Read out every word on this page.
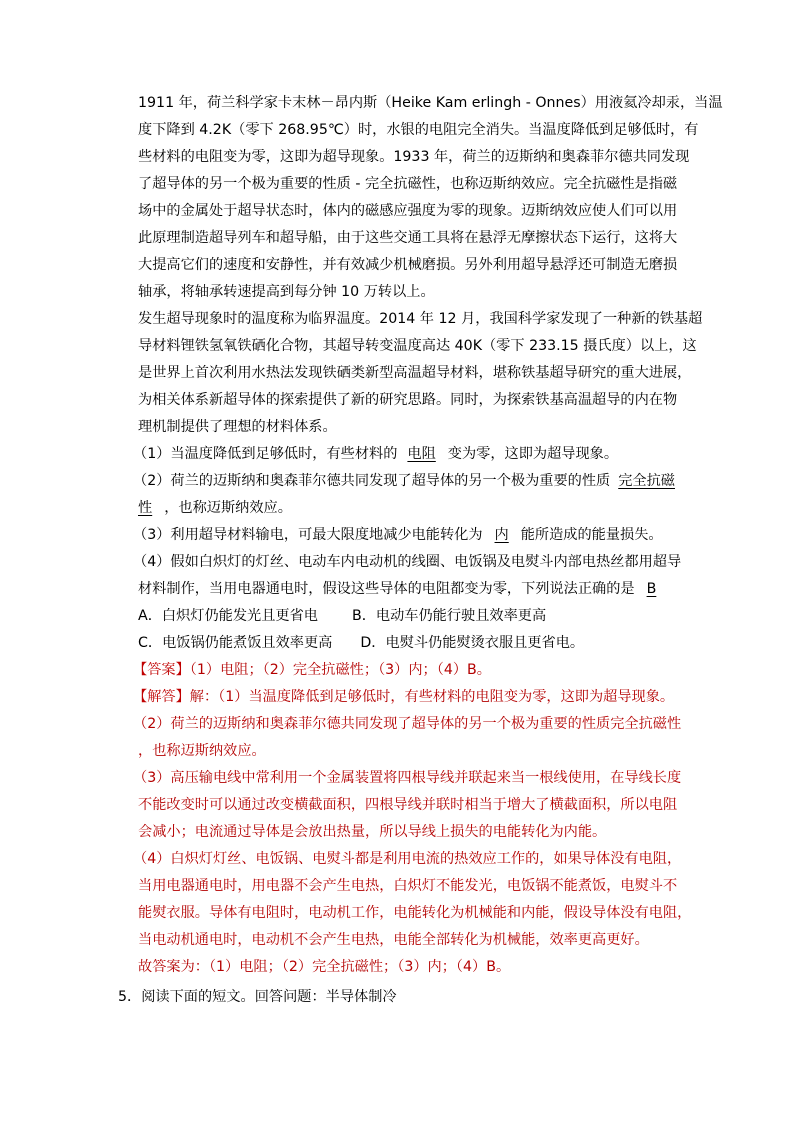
1911 年，荷兰科学家卡末林－昂内斯（Heike Kam erlingh - Onnes）用液氦冷却汞，当温
度下降到 4.2K（零下 268.95℃）时，水银的电阻完全消失。当温度降低到足够低时，有
些材料的电阻变为零，这即为超导现象。1933 年，荷兰的迈斯纳和奥森菲尔德共同发现
了超导体的另一个极为重要的性质 - 完全抗磁性，也称迈斯纳效应。完全抗磁性是指磁
场中的金属处于超导状态时，体内的磁感应强度为零的现象。迈斯纳效应使人们可以用
此原理制造超导列车和超导船，由于这些交通工具将在悬浮无摩擦状态下运行，这将大
大提高它们的速度和安静性，并有效减少机械磨损。另外利用超导悬浮还可制造无磨损
轴承，将轴承转速提高到每分钟 10 万转以上。
发生超导现象时的温度称为临界温度。2014 年 12 月，我国科学家发现了一种新的铁基超
导材料锂铁氢氧铁硒化合物，其超导转变温度高达 40K（零下 233.15 摄氏度）以上，这
是世界上首次利用水热法发现铁硒类新型高温超导材料，堪称铁基超导研究的重大进展，
为相关体系新超导体的探索提供了新的研究思路。同时，为探索铁基高温超导的内在物
理机制提供了理想的材料体系。
（1）当温度降低到足够低时，有些材料的 电阻 变为零，这即为超导现象。
（2）荷兰的迈斯纳和奥森菲尔德共同发现了超导体的另一个极为重要的性质 完全抗磁
性 ，也称迈斯纳效应。
（3）利用超导材料输电，可最大限度地减少电能转化为 内 能所造成的能量损失。
（4）假如白炽灯的灯丝、电动车内电动机的线圈、电饭锅及电熨斗内部电热丝都用超导
材料制作，当用电器通电时，假设这些导体的电阻都变为零，下列说法正确的是 B
A．白炽灯仍能发光且更省电 B．电动车仍能行驶且效率更高
C．电饭锅仍能煮饭且效率更高 D．电熨斗仍能熨烫衣服且更省电。
【答案】（1）电阻；（2）完全抗磁性；（3）内；（4）B。
【解答】解：（1）当温度降低到足够低时，有些材料的电阻变为零，这即为超导现象。
（2）荷兰的迈斯纳和奥森菲尔德共同发现了超导体的另一个极为重要的性质完全抗磁性
，也称迈斯纳效应。
（3）高压输电线中常利用一个金属装置将四根导线并联起来当一根线使用，在导线长度
不能改变时可以通过改变横截面积，四根导线并联时相当于增大了横截面积，所以电阻
会减小；电流通过导体是会放出热量，所以导线上损失的电能转化为内能。
（4）白炽灯灯丝、电饭锅、电熨斗都是利用电流的热效应工作的，如果导体没有电阻，
当用电器通电时，用电器不会产生电热，白炽灯不能发光，电饭锅不能煮饭，电熨斗不
能熨衣服。导体有电阻时，电动机工作，电能转化为机械能和内能，假设导体没有电阻，
当电动机通电时，电动机不会产生电热，电能全部转化为机械能，效率更高更好。
故答案为：（1）电阻；（2）完全抗磁性；（3）内；（4）B。
5．阅读下面的短文。回答问题：半导体制冷
